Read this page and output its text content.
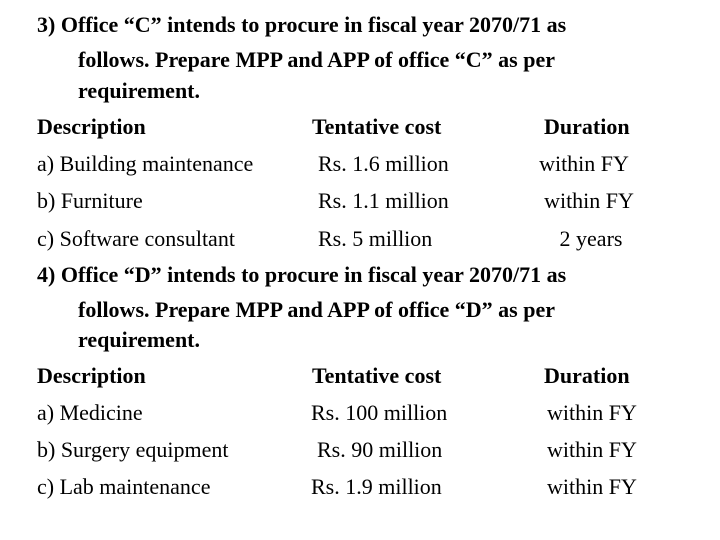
3) Office “C” intends to procure in fiscal year 2070/71 as
follows. Prepare MPP and APP of office “C” as per
requirement.
Description	Tentative cost	Duration
a) Building maintenance	Rs. 1.6 million	within FY
b) Furniture	Rs. 1.1 million	within FY
c) Software consultant	Rs. 5 million	2 years
4) Office “D” intends to procure in fiscal year 2070/71 as
follows. Prepare MPP and APP of office “D” as per
requirement.
Description	Tentative cost	Duration
a) Medicine	Rs. 100 million	within FY
b) Surgery equipment	Rs. 90 million	within FY
c) Lab maintenance	Rs. 1.9 million	within FY
